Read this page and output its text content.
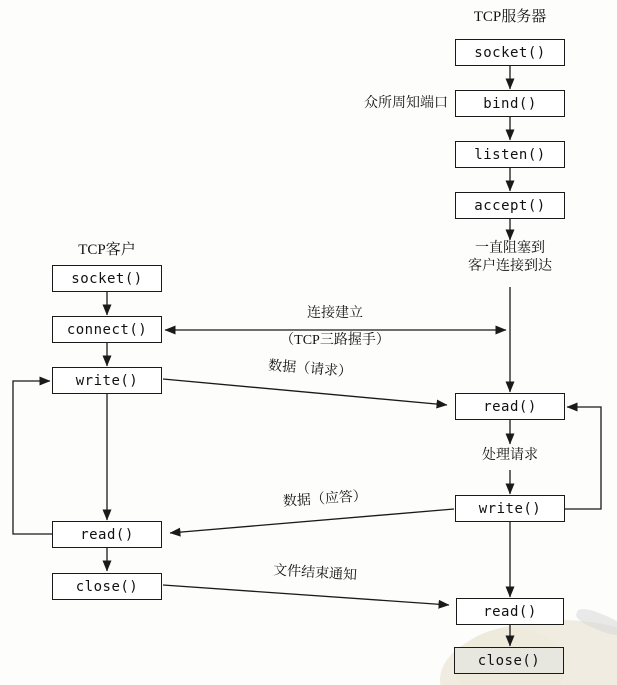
TCP服务器
TCP客户
socket()
bind()
listen()
accept()
read()
write()
read()
close()
socket()
connect()
write()
read()
close()
众所周知端口
一直阻塞到
客户连接到达
连接建立
（TCP三路握手）
数据（请求）
处理请求
数据（应答）
文件结束通知
